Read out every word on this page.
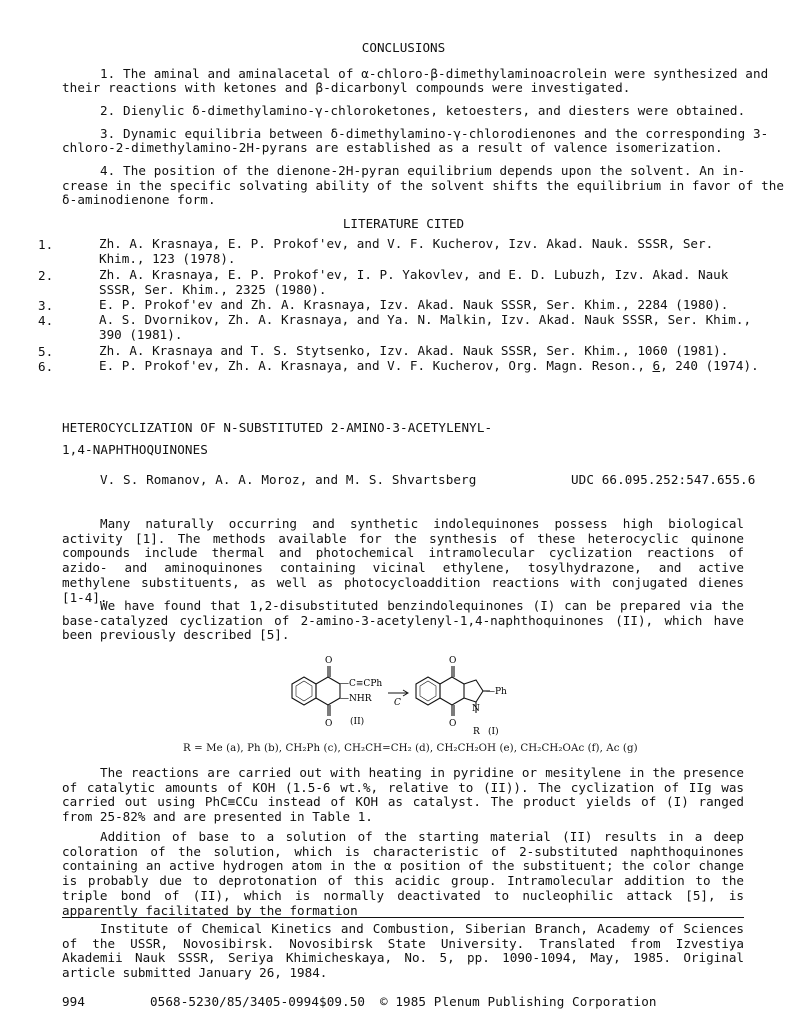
CONCLUSIONS
1. The aminal and aminalacetal of α-chloro-β-dimethylaminoacrolein were synthesized and
their reactions with ketones and β-dicarbonyl compounds were investigated.
2. Dienylic δ-dimethylamino-γ-chloroketones, ketoesters, and diesters were obtained.
3. Dynamic equilibria between δ-dimethylamino-γ-chlorodienones and the corresponding 3-
chloro-2-dimethylamino-2H-pyrans are established as a result of valence isomerization.
4. The position of the dienone-2H-pyran equilibrium depends upon the solvent. An in-
crease in the specific solvating ability of the solvent shifts the equilibrium in favor of the
δ-aminodienone form.
LITERATURE CITED
1.	Zh. A. Krasnaya, E. P. Prokof'ev, and V. F. Kucherov, Izv. Akad. Nauk. SSSR, Ser. Khim., 123 (1978).
2.	Zh. A. Krasnaya, E. P. Prokof'ev, I. P. Yakovlev, and E. D. Lubuzh, Izv. Akad. Nauk SSSR, Ser. Khim., 2325 (1980).
3.	E. P. Prokof'ev and Zh. A. Krasnaya, Izv. Akad. Nauk SSSR, Ser. Khim., 2284 (1980).
4.	A. S. Dvornikov, Zh. A. Krasnaya, and Ya. N. Malkin, Izv. Akad. Nauk SSSR, Ser. Khim., 390 (1981).
5.	Zh. A. Krasnaya and T. S. Stytsenko, Izv. Akad. Nauk SSSR, Ser. Khim., 1060 (1981).
6.	E. P. Prokof'ev, Zh. A. Krasnaya, and V. F. Kucherov, Org. Magn. Reson., 6, 240 (1974).
HETEROCYCLIZATION OF N-SUBSTITUTED 2-AMINO-3-ACETYLENYL-
1,4-NAPHTHOQUINONES
V. S. Romanov, A. A. Moroz, and M. S. Shvartsberg	UDC 66.095.252:547.655.6
Many naturally occurring and synthetic indolequinones possess high biological activity [1]. The methods available for the synthesis of these heterocyclic quinone compounds include thermal and photochemical intramolecular cyclization reactions of azido- and aminoquinones containing vicinal ethylene, tosylhydrazone, and active methylene substituents, as well as photocycloaddition reactions with conjugated dienes [1-4].
We have found that 1,2-disubstituted benzindolequinones (I) can be prepared via the base-catalyzed cyclization of 2-amino-3-acetylenyl-1,4-naphthoquinones (II), which have been previously described [5].
O
O
—C≡CPh
—NHR
(II)
C
O
O
—Ph
N
R (I)
R = Me (a), Ph (b), CH₂Ph (c), CH₂CH=CH₂ (d), CH₂CH₂OH (e), CH₂CH₂OAc (f), Ac (g)
The reactions are carried out with heating in pyridine or mesitylene in the presence of catalytic amounts of KOH (1.5-6 wt.%, relative to (II)). The cyclization of IIg was carried out using PhC≡CCu instead of KOH as catalyst. The product yields of (I) ranged from 25-82% and are presented in Table 1.
Addition of base to a solution of the starting material (II) results in a deep coloration of the solution, which is characteristic of 2-substituted naphthoquinones containing an active hydrogen atom in the α position of the substituent; the color change is probably due to deprotonation of this acidic group. Intramolecular addition to the triple bond of (II), which is normally deactivated to nucleophilic attack [5], is apparently facilitated by the formation
Institute of Chemical Kinetics and Combustion, Siberian Branch, Academy of Sciences of the USSR, Novosibirsk. Novosibirsk State University. Translated from Izvestiya Akademii Nauk SSSR, Seriya Khimicheskaya, No. 5, pp. 1090-1094, May, 1985. Original article submitted January 26, 1984.
994	0568-5230/85/3405-0994$09.50 © 1985 Plenum Publishing Corporation
